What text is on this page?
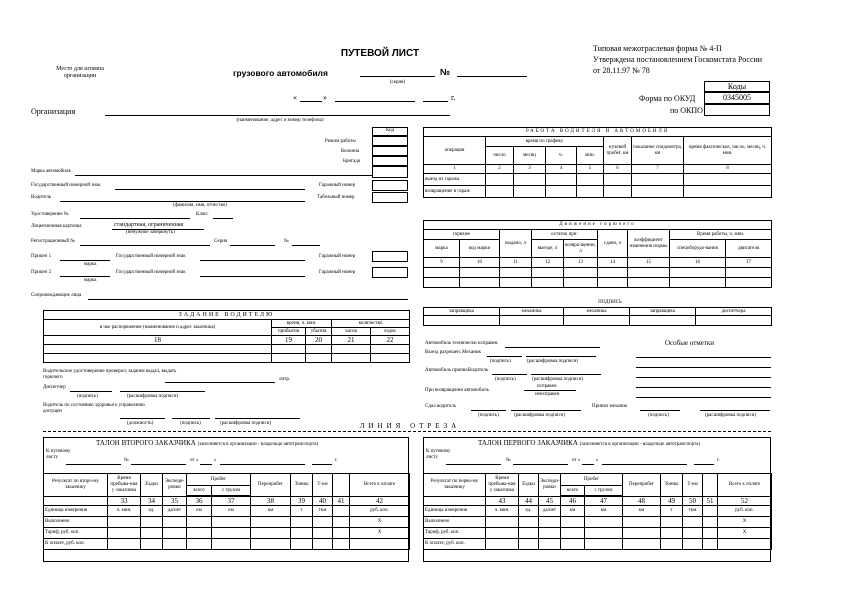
Место для штампа организации
ПУТЕВОЙ ЛИСТ
грузового автомобиля
(серия)
№
«	»	г.
Типовая межотраслевая форма № 4-П
Утверждена постановлением Госкомстата России
от 28.11.97 № 78
Коды
Форма по ОКУД	0345005
по ОКПО
Организация
(наименование, адрес и номер телефона)
Код
Режим работы
Колонна
Бригада
Марка автомобиля
Государственный номерной знак	Гаражный номер
Водитель
(фамилия, имя, отчество)
Табельный номер
Удостоверение №	Класс
Лицензионная карточка	стандартная, ограниченная
(ненужное зачеркнуть)
Регистрационный №	Серия	№
Прицеп 1
марка
Государственный номерной знак	Гаражный номер
Прицеп 2
марка
Государственный номерной знак	Гаражный номер
Сопровождающие лица
РАБОТА ВОДИТЕЛЯ И АВТОМОБИЛЯ							
операция	время по графику				нулевой пробег, км	показание спидометра, км	время фактическое, число, месяц, ч. мин.
	число	месяц	ч.	мин.			
1	2	3	4	5	6	7	8
выезд из гаража							
возвращение в гараж							
Движение горючего								
горючее		выдано, л	остаток при:		сдано, л	коэффициент изменения нормы	Время работы, ч. мин.	
марка	код марки		выезде, л	возвра-щении, л			спецоборудо-вания	двигателя
9	10	11	12	13	14	15	16	17

ПОДПИСЬ
заправщика	механика	механика	заправщика	диспетчера

ЗАДАНИЕ ВОДИТЕЛЮ				
в чье распоряжение (наименование и адрес заказчика)	время, ч. мин.		количество	
	прибытия	убытия	часов	ездок
18	19	20	21	22

Водительское удостоверение проверил, задание выдал, выдать горючего	литр.
Диспетчер
(подпись)	(расшифровка подписи)
Водитель по состоянию здоровья к управлению допущен
(должность)	(подпись)	(расшифровка подписи)
Автомобиль технически исправен.
Выезд разрешен. Механик
(подпись)	(расшифровка подписи)
Автомобиль принял. Водитель
(подпись)	(расшифровка подписи)
При возвращении автомобиль
исправен
неисправен
Сдал водитель
(подпись)	(расшифровка подписи)
Принял механик
(подпись)	(расшифровка подписи)
Особые отметки
ЛИНИЯ ОТРЕЗА
ТАЛОН ВТОРОГО ЗАКАЗЧИКА (заполняется в организации - владельце автотранспорта)
К путевому листу
№	от «	»	г.
Результат по второ-му заказчику	Время пребыва-ния у заказчика	Ездки	Экспеди-ровки	Пробег		Перепробег	Тонны	Т-км		Всего к оплате
				всего	с грузом					

	33	34	35	36	37	38	39	40	41	42
Единица измерения	ч. мин.	ед.	да/нет	км	км	км	т	ткм		руб. коп.
Выполнено										X
Тариф, руб. коп.										X
К оплате, руб. коп.										
ТАЛОН ПЕРВОГО ЗАКАЗЧИКА (заполняется в организации - владельце автотранспорта)
К путевому листу
№	от «	»	г.
Результат по перво-му заказчику	Время пребыва-ния у заказчика	Ездки	Экспеди-ровки	Пробег		Перепробег	Тонны	Т-км		Всего к оплате
				всего	с грузом					

	43	44	45	46	47	48	49	50	51	52
Единица измерения	ч. мин.	ед.	да/нет	км	км	км	т	ткм		руб. коп.
Выполнено										X
Тариф, руб. коп.										X
К оплате, руб. коп.										
